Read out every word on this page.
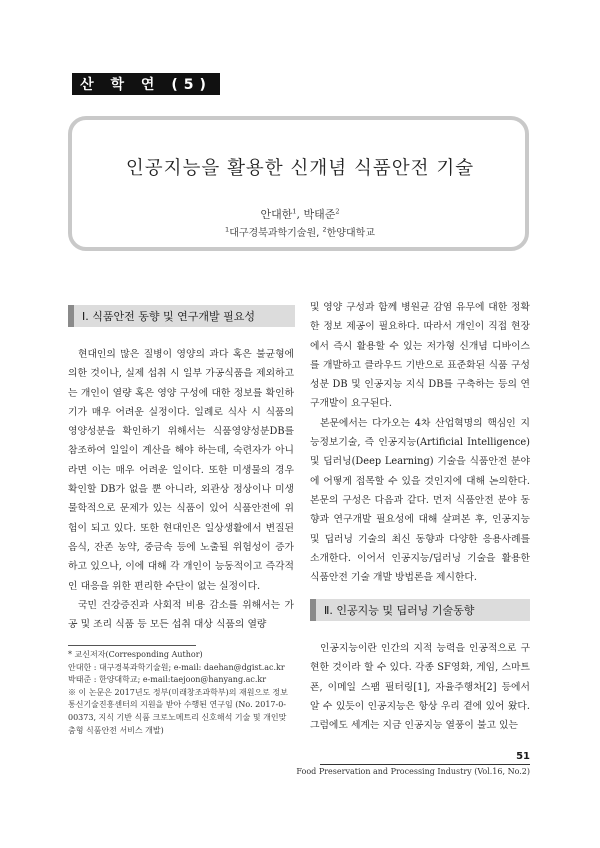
산 학 연 (5)
인공지능을 활용한 신개념 식품안전 기술
안대한$^1$, 박태준$^2$
$^1$대구경북과학기술원, $^2$한양대학교
Ⅰ. 식품안전 동향 및 연구개발 필요성

현대인의 많은 질병이 영양의 과다 혹은 불균형에 의한 것이나, 실제 섭취 시 일부 가공식품을 제외하고는 개인이 열량 혹은 영양 구성에 대한 정보를 확인하기가 매우 어려운 실정이다. 일례로 식사 시 식품의 영양성분을 확인하기 위해서는 식품영양성분DB를 참조하여 일일이 계산을 해야 하는데, 숙련자가 아니라면 이는 매우 어려운 일이다. 또한 미생물의 경우 확인할 DB가 없을 뿐 아니라, 외관상 정상이나 미생물학적으로 문제가 있는 식품이 있어 식품안전에 위험이 되고 있다. 또한 현대인은 일상생활에서 변질된 음식, 잔존 농약, 중금속 등에 노출될 위험성이 증가하고 있으나, 이에 대해 각 개인이 능동적이고 즉각적인 대응을 위한 편리한 수단이 없는 실정이다.

국민 건강증진과 사회적 비용 감소를 위해서는 가공 및 조리 식품 등 모든 섭취 대상 식품의 열량

* 교신저자(Corresponding Author)
안대한 : 대구경북과학기술원; e-mail: daehan@dgist.ac.kr
박태준 : 한양대학교; e-mail:taejoon@hanyang.ac.kr
※ 이 논문은 2017년도 정부(미래창조과학부)의 재원으로 정보통신기술진흥센터의 지원을 받아 수행된 연구임 (No. 2017-0-00373, 지식 기반 식품 크로노메트리 신호해석 기술 및 개인맞춤형 식품안전 서비스 개발)

및 영양 구성과 함께 병원균 감염 유무에 대한 정확한 정보 제공이 필요하다. 따라서 개인이 직접 현장에서 즉시 활용할 수 있는 저가형 신개념 디바이스를 개발하고 클라우드 기반으로 표준화된 식품 구성성분 DB 및 인공지능 지식 DB를 구축하는 등의 연구개발이 요구된다.

본문에서는 다가오는 4차 산업혁명의 핵심인 지능정보기술, 즉 인공지능(Artificial Intelligence) 및 딥러닝(Deep Learning) 기술을 식품안전 분야에 어떻게 접목할 수 있을 것인지에 대해 논의한다. 본문의 구성은 다음과 같다. 먼저 식품안전 분야 동향과 연구개발 필요성에 대해 살펴본 후, 인공지능 및 딥러닝 기술의 최신 동향과 다양한 응용사례를 소개한다. 이어서 인공지능/딥러닝 기술을 활용한 식품안전 기술 개발 방법론을 제시한다.

Ⅱ. 인공지능 및 딥러닝 기술동향

인공지능이란 인간의 지적 능력을 인공적으로 구현한 것이라 할 수 있다. 각종 SF영화, 게임, 스마트폰, 이메일 스팸 필터링[1], 자율주행차[2] 등에서 알 수 있듯이 인공지능은 항상 우리 곁에 있어 왔다. 그럼에도 세계는 지금 인공지능 열풍이 불고 있는

51
Food Preservation and Processing Industry (Vol.16, No.2)
